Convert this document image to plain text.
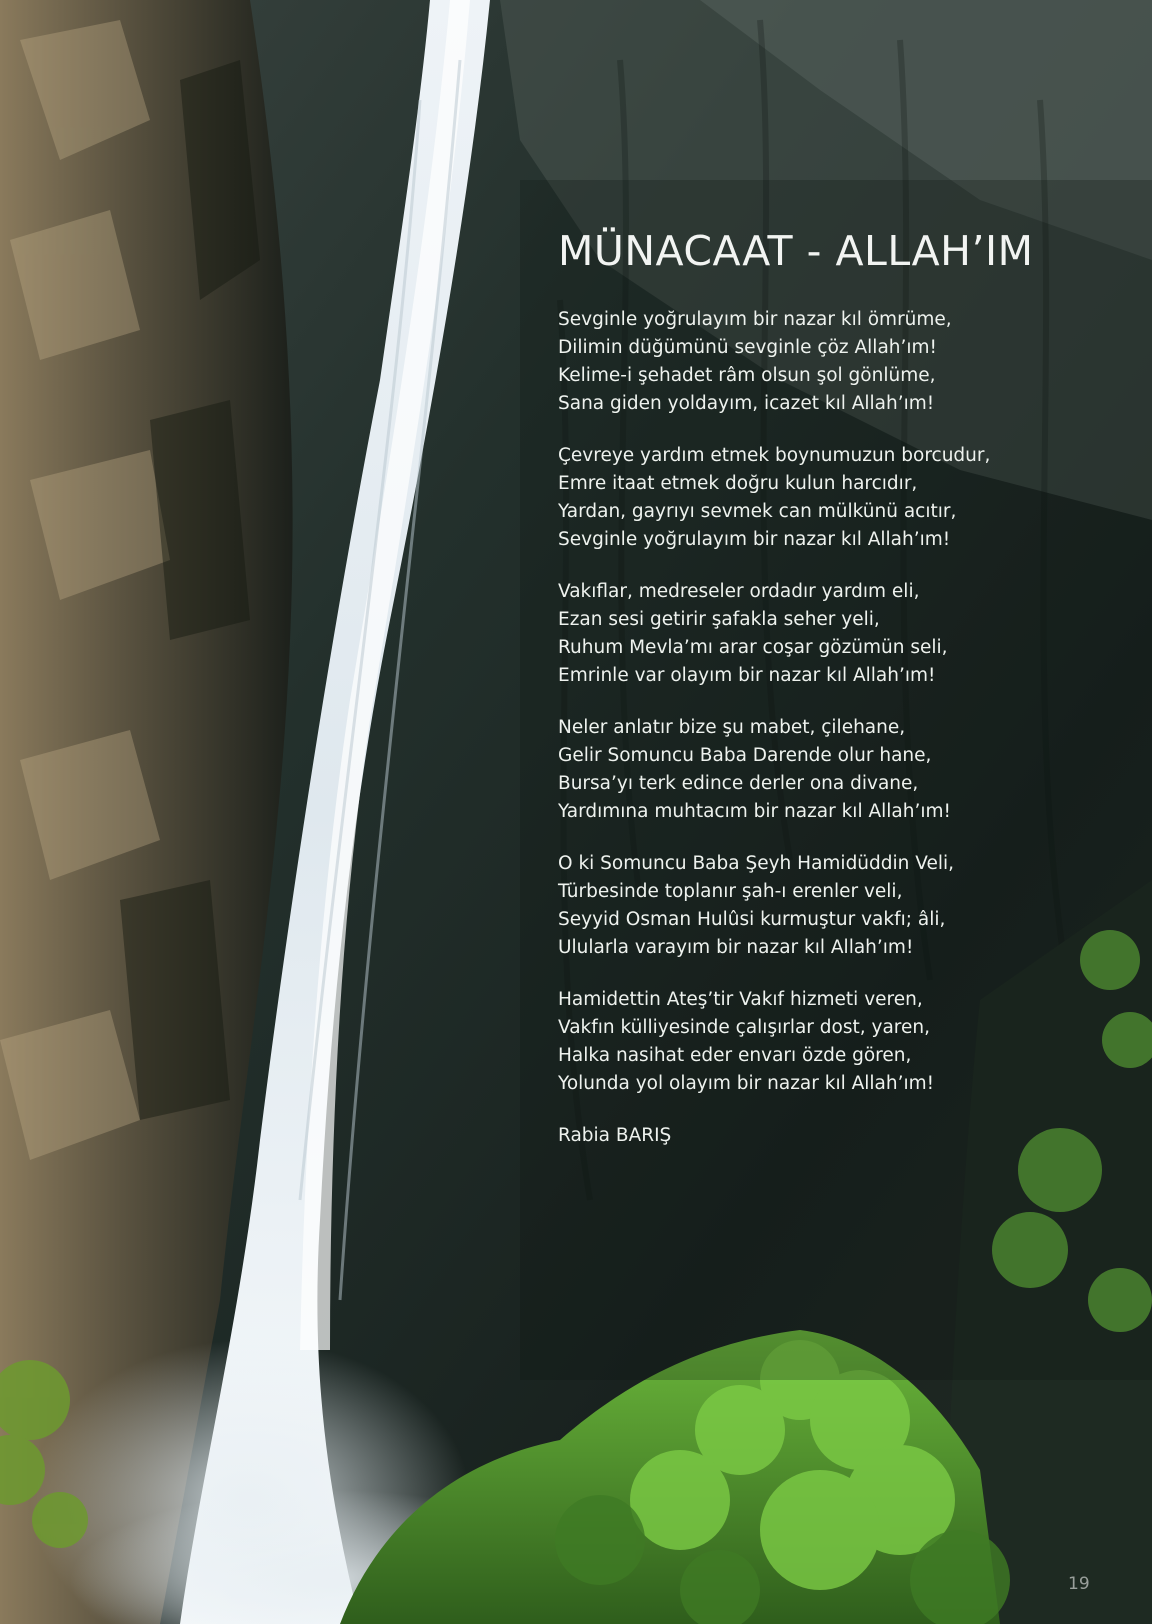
MÜNACAAT - ALLAH’IM
Sevginle yoğrulayım bir nazar kıl ömrüme,
Dilimin düğümünü sevginle çöz Allah’ım!
Kelime-i şehadet râm olsun şol gönlüme,
Sana giden yoldayım, icazet kıl Allah’ım!
Çevreye yardım etmek boynumuzun borcudur,
Emre itaat etmek doğru kulun harcıdır,
Yardan, gayrıyı sevmek can mülkünü acıtır,
Sevginle yoğrulayım bir nazar kıl Allah’ım!
Vakıflar, medreseler ordadır yardım eli,
Ezan sesi getirir şafakla seher yeli,
Ruhum Mevla’mı arar coşar gözümün seli,
Emrinle var olayım bir nazar kıl Allah’ım!
Neler anlatır bize şu mabet, çilehane,
Gelir Somuncu Baba Darende olur hane,
Bursa’yı terk edince derler ona divane,
Yardımına muhtacım bir nazar kıl Allah’ım!
O ki Somuncu Baba Şeyh Hamidüddin Veli,
Türbesinde toplanır şah-ı erenler veli,
Seyyid Osman Hulûsi kurmuştur vakfı; âli,
Ulularla varayım bir nazar kıl Allah’ım!
Hamidettin Ateş’tir Vakıf hizmeti veren,
Vakfın külliyesinde çalışırlar dost, yaren,
Halka nasihat eder envarı özde gören,
Yolunda yol olayım bir nazar kıl Allah’ım!
Rabia BARIŞ
19
